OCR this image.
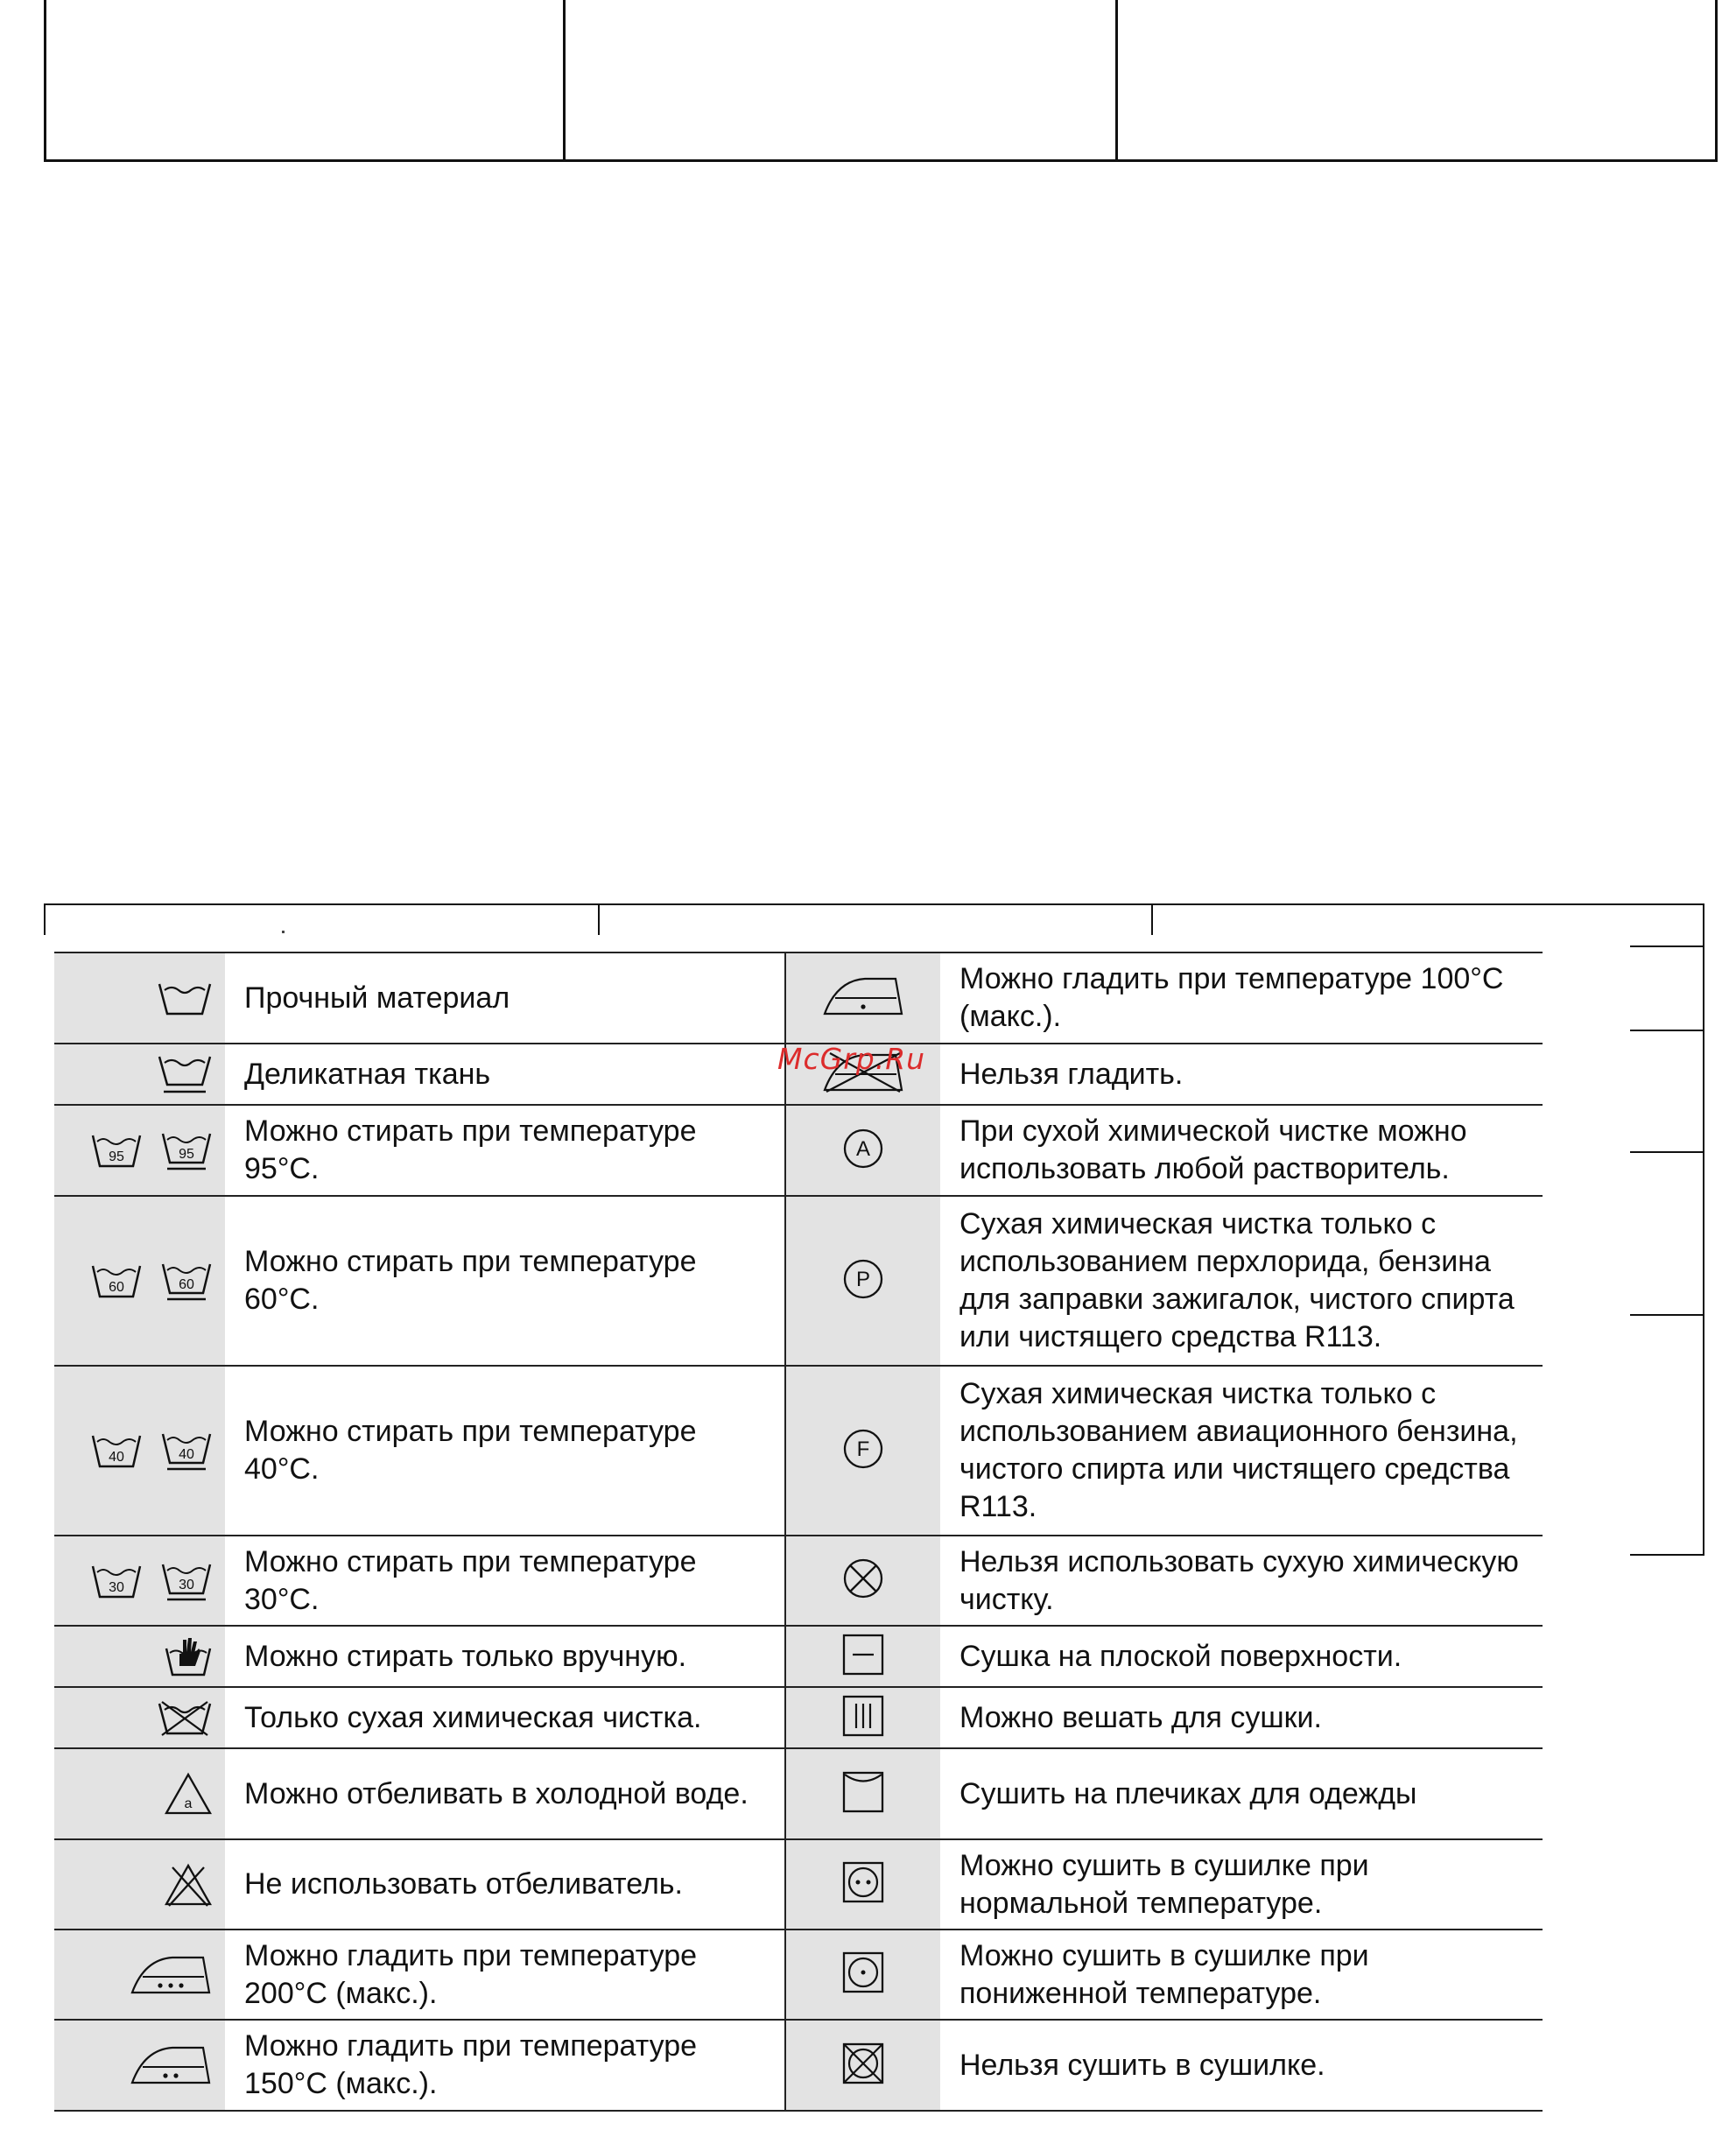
	Прочный материал		Можно гладить при температуре 100°C (макс.).
	Деликатная ткань		Нельзя гладить.

95 95	Можно стирать при температуре 95°C.	A	При сухой химической чистке можно использовать любой растворитель.

60 60	Можно стирать при температуре 60°C.	P	Сухая химическая чистка только с использованием перхлорида, бензина для заправки зажигалок, чистого спирта или чистящего средства R113.

40 40	Можно стирать при температуре 40°C.	F	Сухая химическая чистка только с использованием авиационного бензина, чистого спирта или чистящего средства R113.

30 30	Можно стирать при температуре 30°C.		Нельзя использовать сухую химическую чистку.
	Можно стирать только вручную.		Сушка на плоской поверхности.
	Только сухая химическая чистка.		Можно вешать для сушки.

a	Можно отбеливать в холодной воде.		Сушить на плечиках для одежды
	Не использовать отбеливатель.		Можно сушить в сушилке при нормальной температуре.
	Можно гладить при температуре 200°C (макс.).		Можно сушить в сушилке при пониженной температуре.
	Можно гладить при температуре 150°C (макс.).		Нельзя сушить в сушилке.
McGrp.Ru
